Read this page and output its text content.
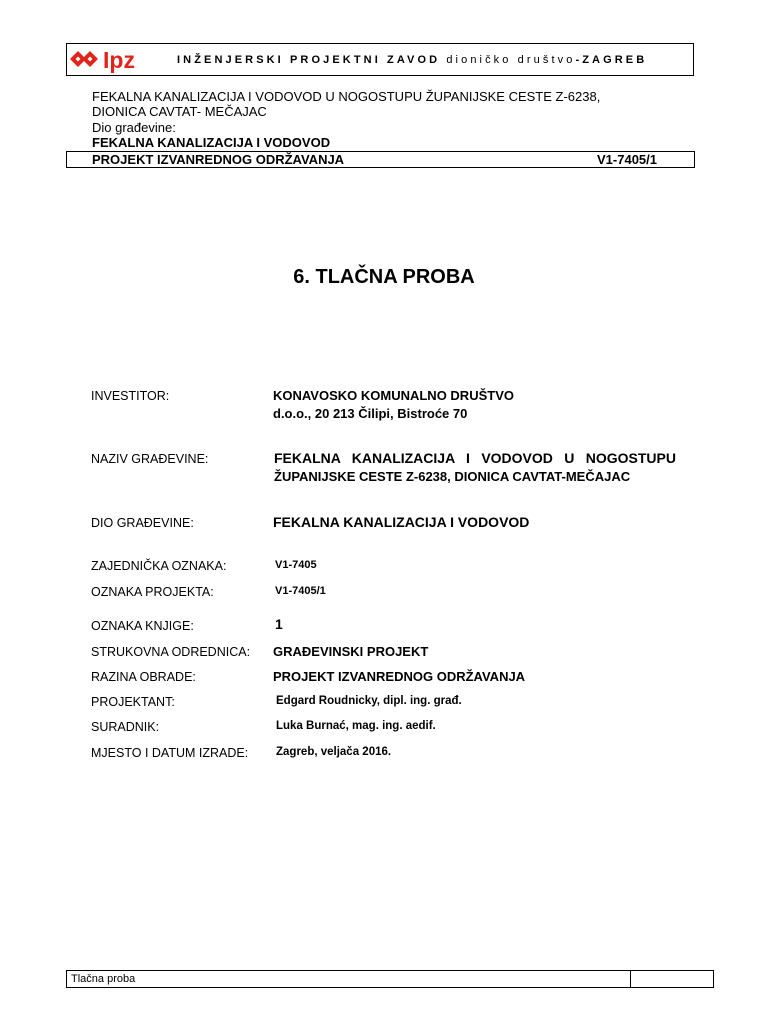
Ipz	INŽENJERSKI PROJEKTNI ZAVOD dioničko društvo-ZAGREB
FEKALNA KANALIZACIJA I VODOVOD U NOGOSTUPU ŽUPANIJSKE CESTE Z-6238,
DIONICA CAVTAT- MEČAJAC
Dio građevine:
FEKALNA KANALIZACIJA I VODOVOD
PROJEKT IZVANREDNOG ODRŽAVANJA	V1-7405/1
6. TLAČNA PROBA
INVESTITOR:	KONAVOSKO KOMUNALNO DRUŠTVO
d.o.o., 20 213 Čilipi, Bistroće 70
NAZIV GRAĐEVINE:	FEKALNA KANALIZACIJA I VODOVOD U NOGOSTUPU
ŽUPANIJSKE CESTE Z-6238, DIONICA CAVTAT-MEČAJAC
DIO GRAĐEVINE:	FEKALNA KANALIZACIJA I VODOVOD
ZAJEDNIČKA OZNAKA:	V1-7405
OZNAKA PROJEKTA:	V1-7405/1
OZNAKA KNJIGE:	1
STRUKOVNA ODREDNICA: GRAĐEVINSKI PROJEKT
RAZINA OBRADE:	PROJEKT IZVANREDNOG ODRŽAVANJA
PROJEKTANT:	Edgard Roudnicky, dipl. ing. građ.
SURADNIK:	Luka Burnać, mag. ing. aedif.
MJESTO I DATUM IZRADE: Zagreb, veljača 2016.
Tlačna proba
